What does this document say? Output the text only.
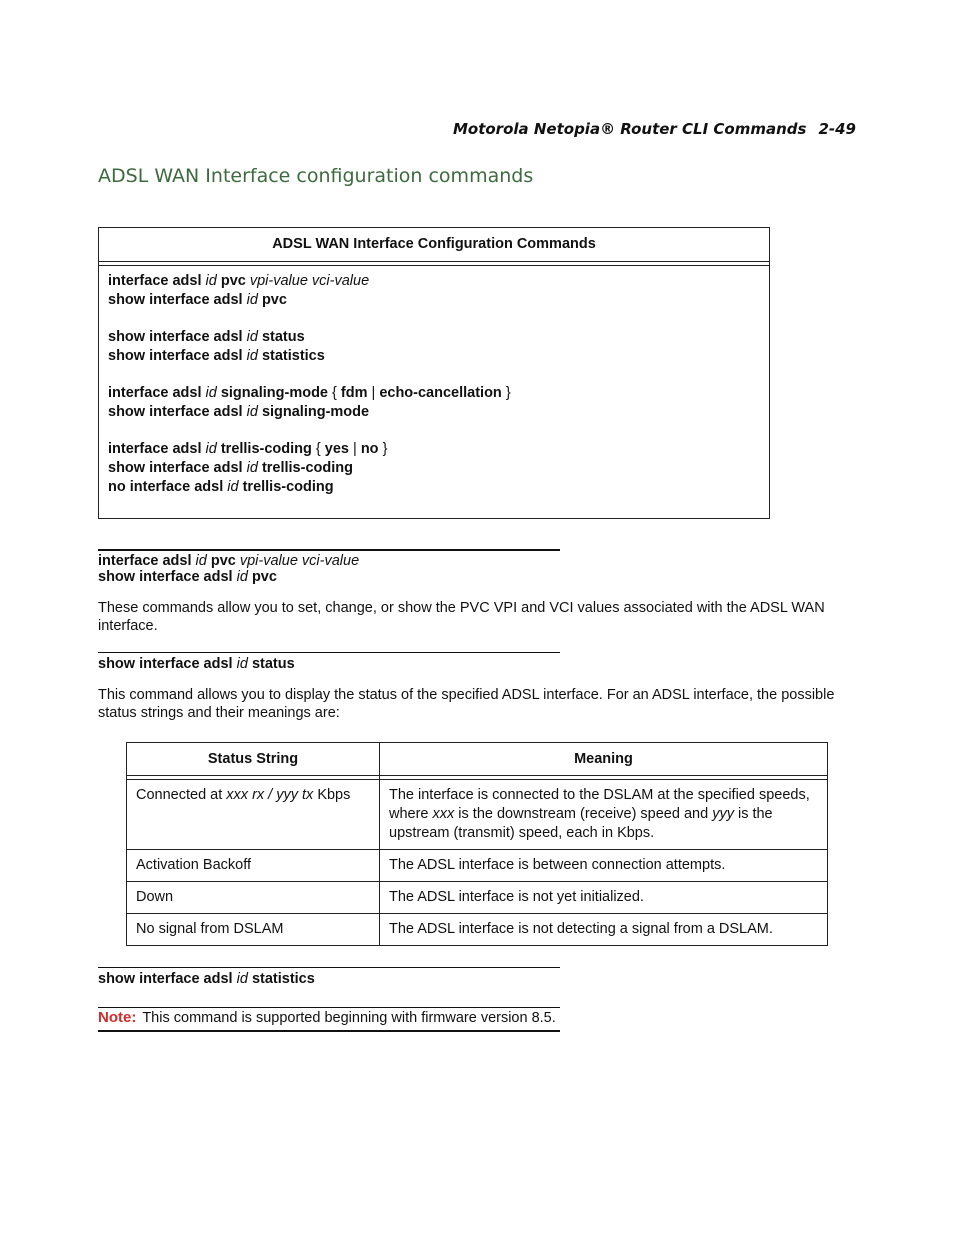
Motorola Netopia® Router CLI Commands 2-49
ADSL WAN Interface configuration commands
ADSL WAN Interface Configuration Commands
interface adsl id pvc vpi-value vci-value
show interface adsl id pvc
show interface adsl id status
show interface adsl id statistics
interface adsl id signaling-mode { fdm | echo-cancellation }
show interface adsl id signaling-mode
interface adsl id trellis-coding { yes | no }
show interface adsl id trellis-coding
no interface adsl id trellis-coding
interface adsl id pvc vpi-value vci-value
show interface adsl id pvc

These commands allow you to set, change, or show the PVC VPI and VCI values associated with the ADSL WAN interface.

show interface adsl id status

This command allows you to display the status of the specified ADSL interface. For an ADSL interface, the possible status strings and their meanings are:

Status String	Meaning

Connected at xxx rx / yyy tx Kbps	The interface is connected to the DSLAM at the specified speeds, where xxx is the downstream (receive) speed and yyy is the upstream (transmit) speed, each in Kbps.
Activation Backoff	The ADSL interface is between connection attempts.
Down	The ADSL interface is not yet initialized.
No signal from DSLAM	The ADSL interface is not detecting a signal from a DSLAM.
show interface adsl id statistics
Note: This command is supported beginning with firmware version 8.5.
